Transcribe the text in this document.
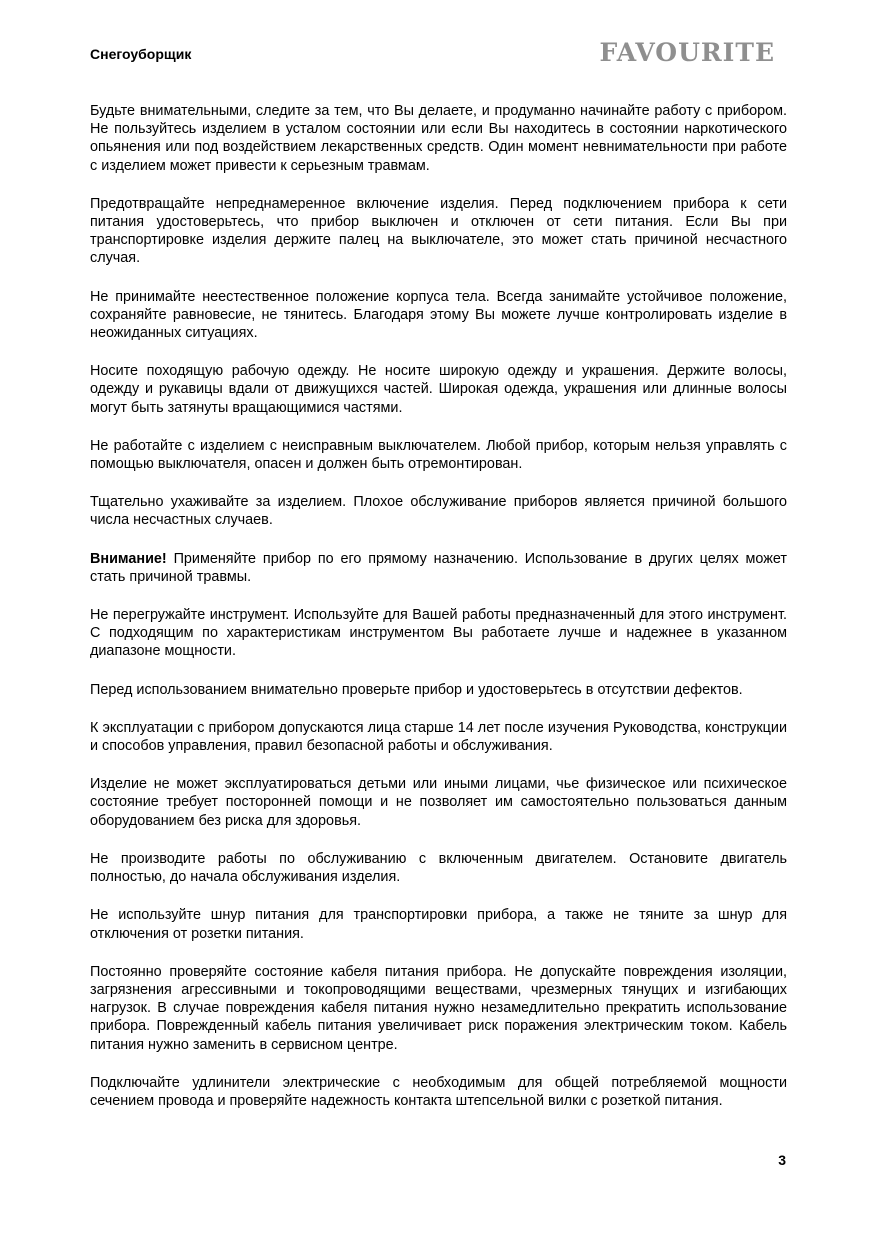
Снегоуборщик	FAVOURITE

Будьте внимательными, следите за тем, что Вы делаете, и продуманно начинайте работу с прибором. Не пользуйтесь изделием в усталом состоянии или если Вы находитесь в состоянии наркотического опьянения или под воздействием лекарственных средств. Один момент невнимательности при работе с изделием может привести к серьезным травмам.

Предотвращайте непреднамеренное включение изделия. Перед подключением прибора к сети питания удостоверьтесь, что прибор выключен и отключен от сети питания. Если Вы при транспортировке изделия держите палец на выключателе, это может стать причиной несчастного случая.

Не принимайте неестественное положение корпуса тела. Всегда занимайте устойчивое положение, сохраняйте равновесие, не тянитесь. Благодаря этому Вы можете лучше контролировать изделие в неожиданных ситуациях.

Носите походящую рабочую одежду. Не носите широкую одежду и украшения. Держите волосы, одежду и рукавицы вдали от движущихся частей. Широкая одежда, украшения или длинные волосы могут быть затянуты вращающимися частями.

Не работайте с изделием с неисправным выключателем. Любой прибор, которым нельзя управлять с помощью выключателя, опасен и должен быть отремонтирован.

Тщательно ухаживайте за изделием. Плохое обслуживание приборов является причиной большого числа несчастных случаев.

Внимание! Применяйте прибор по его прямому назначению. Использование в других целях может стать причиной травмы.

Не перегружайте инструмент. Используйте для Вашей работы предназначенный для этого инструмент. С подходящим по характеристикам инструментом Вы работаете лучше и надежнее в указанном диапазоне мощности.

Перед использованием внимательно проверьте прибор и удостоверьтесь в отсутствии дефектов.

К эксплуатации с прибором допускаются лица старше 14 лет после изучения Руководства, конструкции и способов управления, правил безопасной работы и обслуживания.

Изделие не может эксплуатироваться детьми или иными лицами, чье физическое или психическое состояние требует посторонней помощи и не позволяет им самостоятельно пользоваться данным оборудованием без риска для здоровья.

Не производите работы по обслуживанию с включенным двигателем. Остановите двигатель полностью, до начала обслуживания изделия.

Не используйте шнур питания для транспортировки прибора, а также не тяните за шнур для отключения от розетки питания.

Постоянно проверяйте состояние кабеля питания прибора. Не допускайте повреждения изоляции, загрязнения агрессивными и токопроводящими веществами, чрезмерных тянущих и изгибающих нагрузок. В случае повреждения кабеля питания нужно незамедлительно прекратить использование прибора. Поврежденный кабель питания увеличивает риск поражения электрическим током. Кабель питания нужно заменить в сервисном центре.

Подключайте удлинители электрические с необходимым для общей потребляемой мощности сечением провода и проверяйте надежность контакта штепсельной вилки с розеткой питания.

3
